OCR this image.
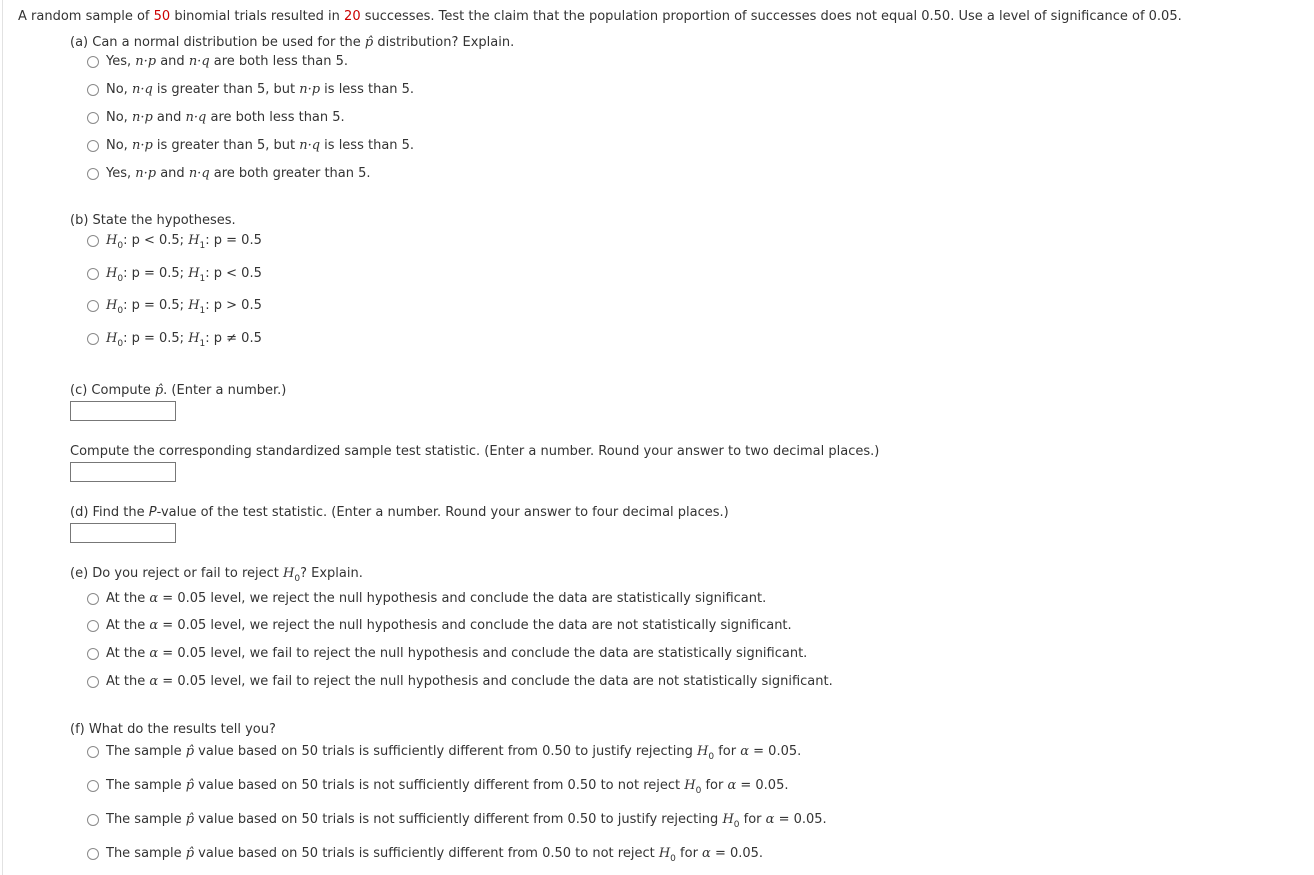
A random sample of 50 binomial trials resulted in 20 successes. Test the claim that the population proportion of successes does not equal 0.50. Use a level of significance of 0.05.
(a) Can a normal distribution be used for the p̂ distribution? Explain.
Yes, n·p and n·q are both less than 5.
No, n·q is greater than 5, but n·p is less than 5.
No, n·p and n·q are both less than 5.
No, n·p is greater than 5, but n·q is less than 5.
Yes, n·p and n·q are both greater than 5.
(b) State the hypotheses.
$H_0$: p < 0.5; $H_1$: p = 0.5
$H_0$: p = 0.5; $H_1$: p < 0.5
$H_0$: p = 0.5; $H_1$: p > 0.5
$H_0$: p = 0.5; $H_1$: p ≠ 0.5
(c) Compute p̂. (Enter a number.)
Compute the corresponding standardized sample test statistic. (Enter a number. Round your answer to two decimal places.)
(d) Find the P-value of the test statistic. (Enter a number. Round your answer to four decimal places.)
(e) Do you reject or fail to reject $H_0$? Explain.
At the α = 0.05 level, we reject the null hypothesis and conclude the data are statistically significant.
At the α = 0.05 level, we reject the null hypothesis and conclude the data are not statistically significant.
At the α = 0.05 level, we fail to reject the null hypothesis and conclude the data are statistically significant.
At the α = 0.05 level, we fail to reject the null hypothesis and conclude the data are not statistically significant.
(f) What do the results tell you?
The sample p̂ value based on 50 trials is sufficiently different from 0.50 to justify rejecting $H_0$ for α = 0.05.
The sample p̂ value based on 50 trials is not sufficiently different from 0.50 to not reject $H_0$ for α = 0.05.
The sample p̂ value based on 50 trials is not sufficiently different from 0.50 to justify rejecting $H_0$ for α = 0.05.
The sample p̂ value based on 50 trials is sufficiently different from 0.50 to not reject $H_0$ for α = 0.05.
